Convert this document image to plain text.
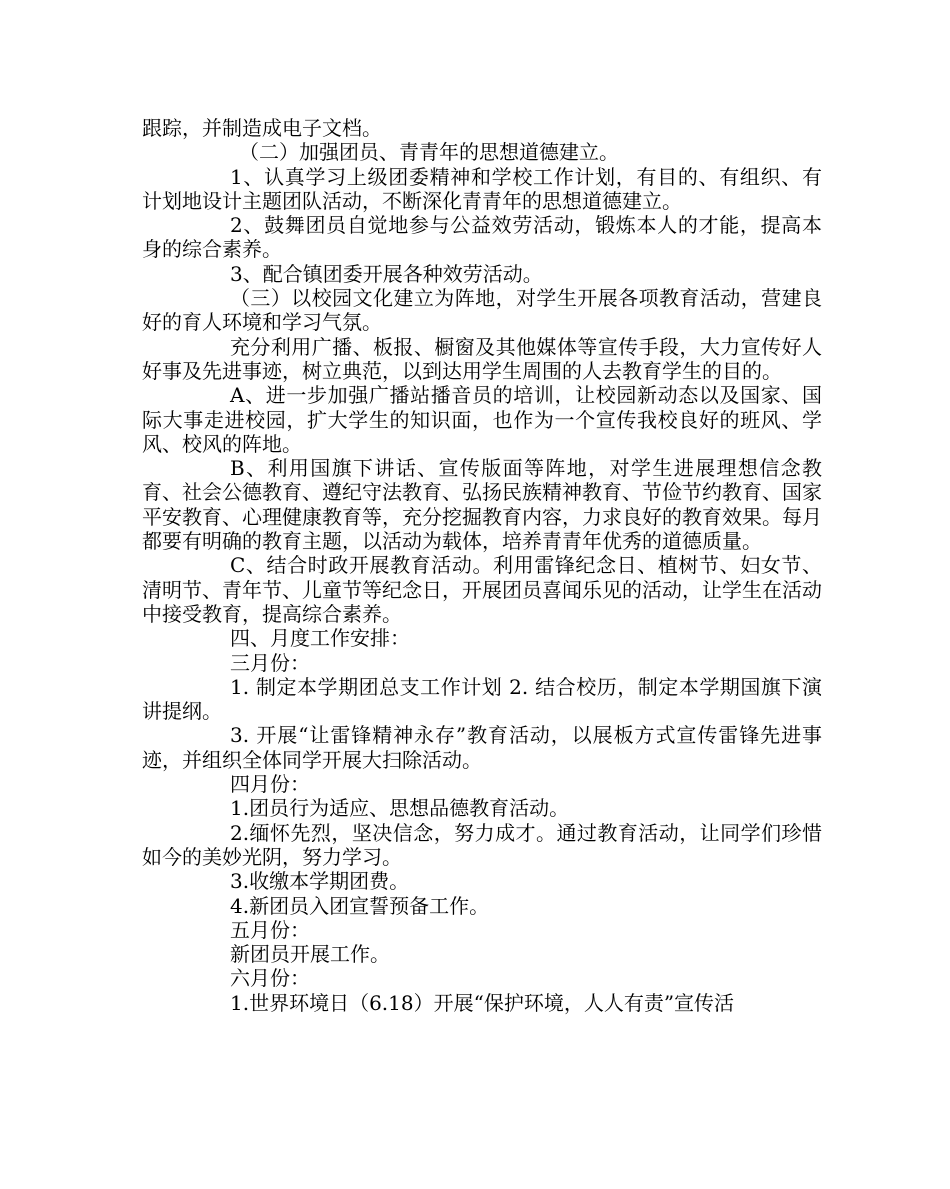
跟踪，并制造成电子文档。

（二）加强团员、青青年的思想道德建立。

1、认真学习上级团委精神和学校工作计划，有目的、有组织、有计划地设计主题团队活动，不断深化青青年的思想道德建立。

2、鼓舞团员自觉地参与公益效劳活动，锻炼本人的才能，提高本身的综合素养。

3、配合镇团委开展各种效劳活动。

（三）以校园文化建立为阵地，对学生开展各项教育活动，营建良好的育人环境和学习气氛。

充分利用广播、板报、橱窗及其他媒体等宣传手段，大力宣传好人好事及先进事迹，树立典范，以到达用学生周围的人去教育学生的目的。

A、进一步加强广播站播音员的培训，让校园新动态以及国家、国际大事走进校园，扩大学生的知识面，也作为一个宣传我校良好的班风、学风、校风的阵地。

B、利用国旗下讲话、宣传版面等阵地，对学生进展理想信念教育、社会公德教育、遵纪守法教育、弘扬民族精神教育、节俭节约教育、国家平安教育、心理健康教育等，充分挖掘教育内容，力求良好的教育效果。每月都要有明确的教育主题，以活动为载体，培养青青年优秀的道德质量。

C、结合时政开展教育活动。利用雷锋纪念日、植树节、妇女节、清明节、青年节、儿童节等纪念日，开展团员喜闻乐见的活动，让学生在活动中接受教育，提高综合素养。

四、月度工作安排：

三月份：

1. 制定本学期团总支工作计划 2. 结合校历，制定本学期国旗下演讲提纲。

3. 开展“让雷锋精神永存”教育活动，以展板方式宣传雷锋先进事迹，并组织全体同学开展大扫除活动。

四月份：

1.团员行为适应、思想品德教育活动。

2.缅怀先烈，坚决信念，努力成才。通过教育活动，让同学们珍惜如今的美妙光阴，努力学习。

3.收缴本学期团费。

4.新团员入团宣誓预备工作。

五月份：

新团员开展工作。

六月份：

1.世界环境日（6.18）开展“保护环境，人人有责”宣传活
